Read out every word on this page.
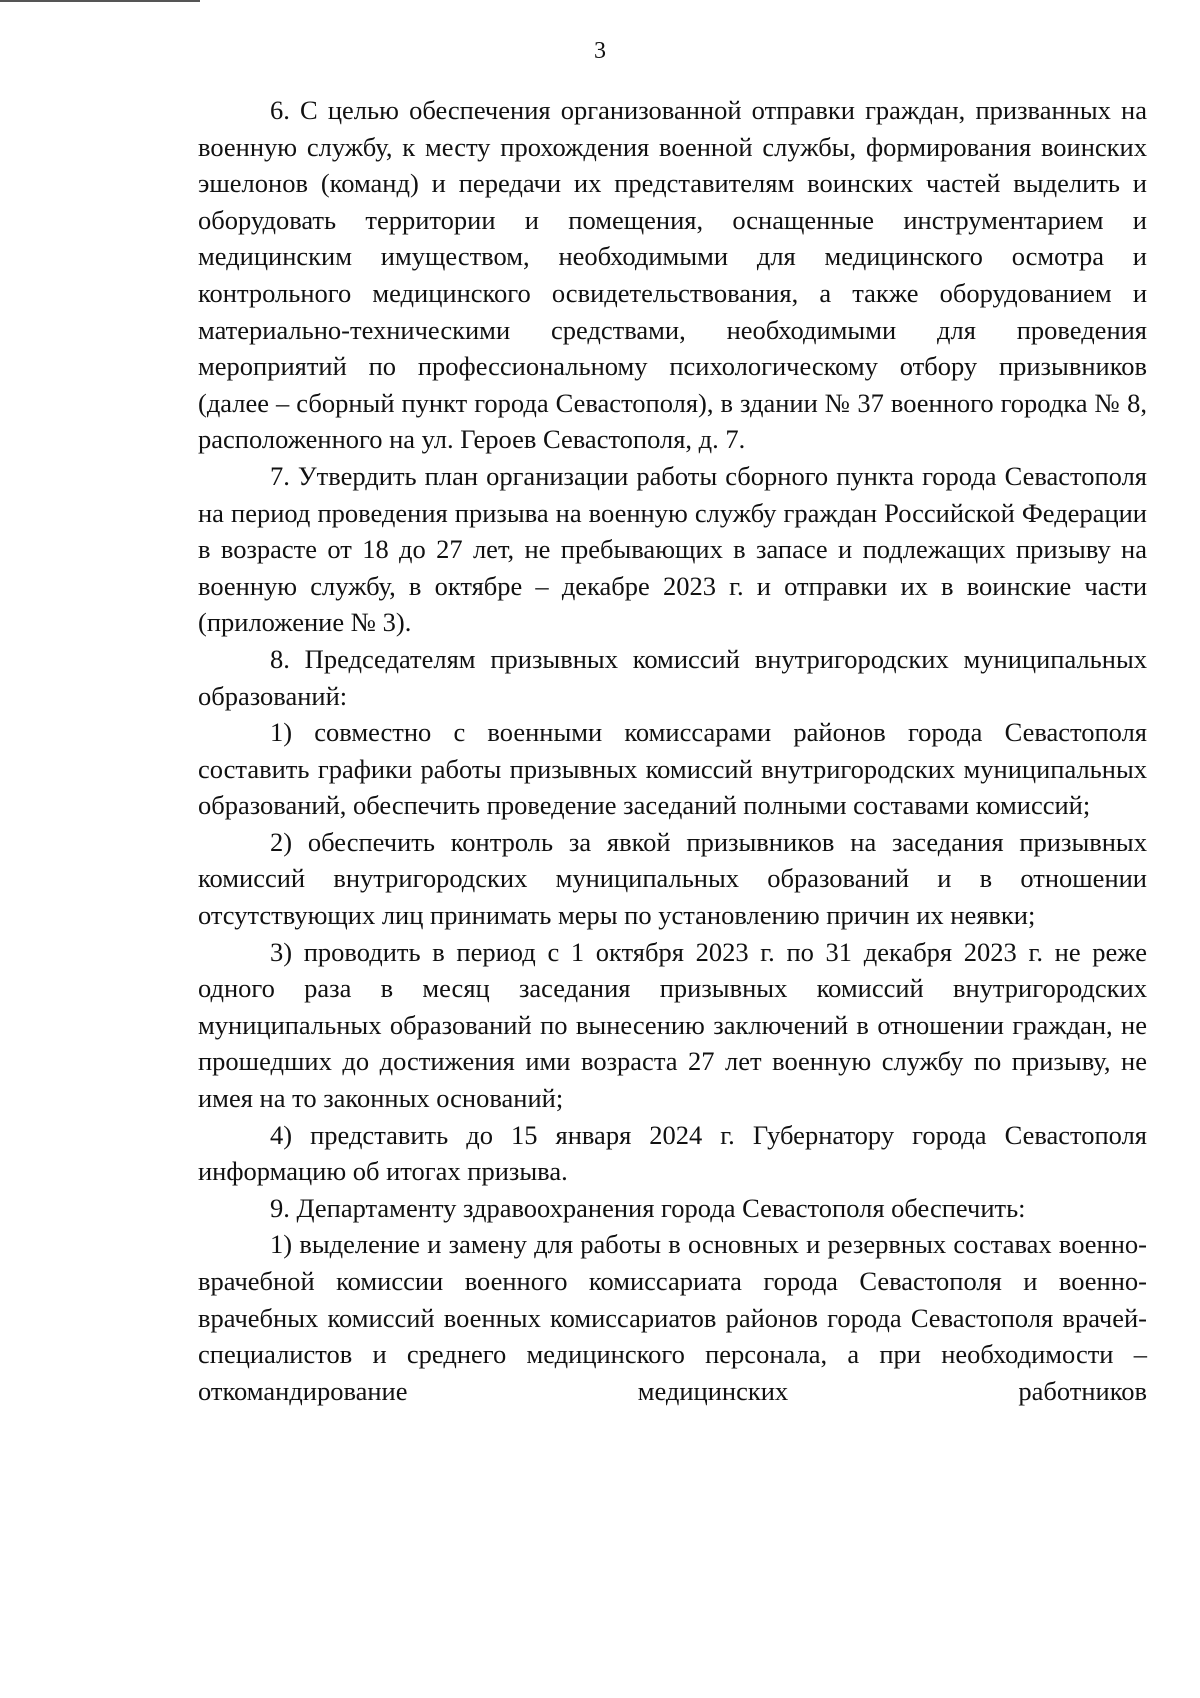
3

6. С целью обеспечения организованной отправки граждан, призванных на военную службу, к месту прохождения военной службы, формирования воинских эшелонов (команд) и передачи их представителям воинских частей выделить и оборудовать территории и помещения, оснащенные инструментарием и медицинским имуществом, необходимыми для медицинского осмотра и контрольного медицинского освидетельствования, а также оборудованием и материально-техническими средствами, необходимыми для проведения мероприятий по профессиональному психологическому отбору призывников (далее – сборный пункт города Севастополя), в здании № 37 военного городка № 8, расположенного на ул. Героев Севастополя, д. 7.

7. Утвердить план организации работы сборного пункта города Севастополя на период проведения призыва на военную службу граждан Российской Федерации в возрасте от 18 до 27 лет, не пребывающих в запасе и подлежащих призыву на военную службу, в октябре – декабре 2023 г. и отправки их в воинские части (приложение № 3).

8. Председателям призывных комиссий внутригородских муниципальных образований:

1) совместно с военными комиссарами районов города Севастополя составить графики работы призывных комиссий внутригородских муниципальных образований, обеспечить проведение заседаний полными составами комиссий;

2) обеспечить контроль за явкой призывников на заседания призывных комиссий внутригородских муниципальных образований и в отношении отсутствующих лиц принимать меры по установлению причин их неявки;

3) проводить в период с 1 октября 2023 г. по 31 декабря 2023 г. не реже одного раза в месяц заседания призывных комиссий внутригородских муниципальных образований по вынесению заключений в отношении граждан, не прошедших до достижения ими возраста 27 лет военную службу по призыву, не имея на то законных оснований;

4) представить до 15 января 2024 г. Губернатору города Севастополя информацию об итогах призыва.

9. Департаменту здравоохранения города Севастополя обеспечить:

1) выделение и замену для работы в основных и резервных составах военно-врачебной комиссии военного комиссариата города Севастополя и военно-врачебных комиссий военных комиссариатов районов города Севастополя врачей-специалистов и среднего медицинского персонала, а при необходимости – откомандирование медицинских работников
